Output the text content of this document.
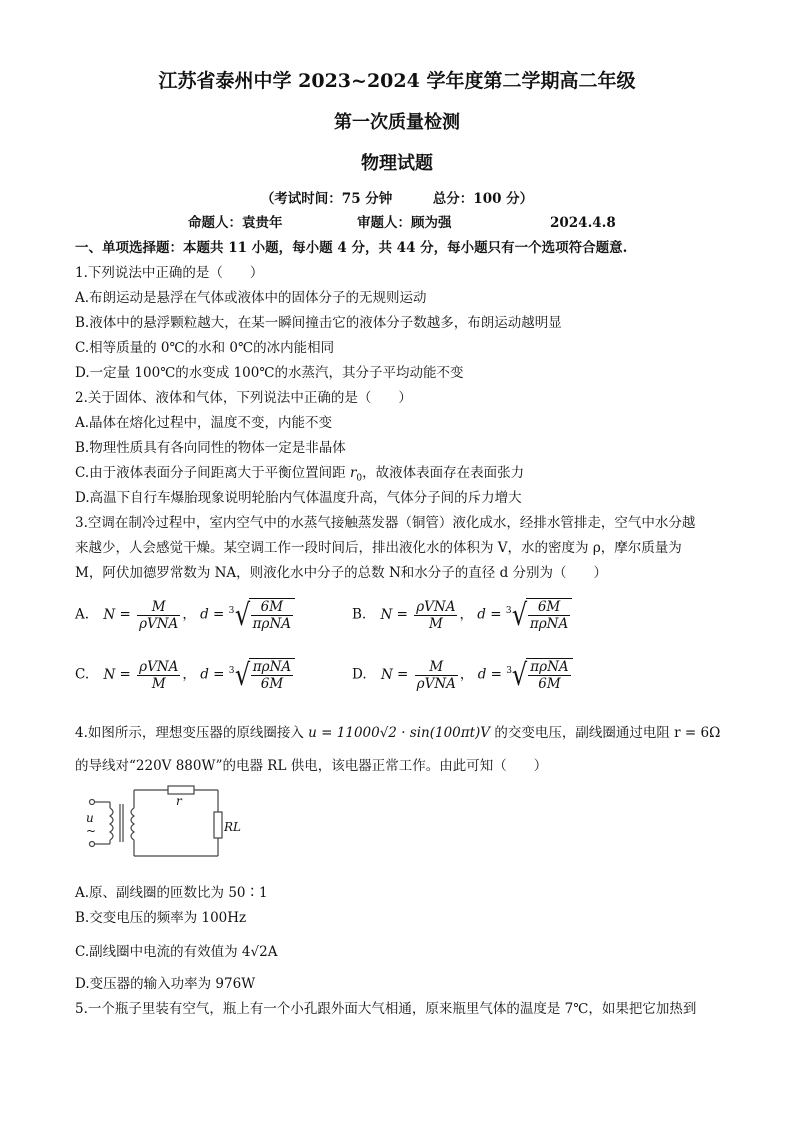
江苏省泰州中学 2023~2024 学年度第二学期高二年级
第一次质量检测
物理试题
（考试时间：75 分钟　　　总分：100 分）
命题人：袁贵年	审题人：顾为强	2024.4.8
一、单项选择题：本题共 11 小题，每小题 4 分，共 44 分，每小题只有一个选项符合题意.
1.下列说法中正确的是（　　）
A.布朗运动是悬浮在气体或液体中的固体分子的无规则运动
B.液体中的悬浮颗粒越大，在某一瞬间撞击它的液体分子数越多，布朗运动越明显
C.相等质量的 0℃的水和 0℃的冰内能相同
D.一定量 100℃的水变成 100℃的水蒸汽，其分子平均动能不变
2.关于固体、液体和气体，下列说法中正确的是（　　）
A.晶体在熔化过程中，温度不变，内能不变
B.物理性质具有各向同性的物体一定是非晶体
C.由于液体表面分子间距离大于平衡位置间距 $r_0$，故液体表面存在表面张力
D.高温下自行车爆胎现象说明轮胎内气体温度升高，气体分子间的斥力增大
3.空调在制冷过程中，室内空气中的水蒸气接触蒸发器（铜管）液化成水，经排水管排走，空气中水分越
来越少，人会感觉干燥。某空调工作一段时间后，排出液化水的体积为 V，水的密度为 ρ，摩尔质量为
M，阿伏加德罗常数为 NA，则液化水中分子的总数 N和水分子的直径 d 分别为（　　）
A. $N = \frac{M}{\text{ρVNA}}$ ， d = 3 √ $\frac{6M}{\text{πρNA}}$	B. $N = \frac{\text{ρVNA}}{M}$ ， d = 3 √ $\frac{6M}{\text{πρNA}}$
C. $N = \frac{\text{ρVNA}}{M}$ ， d = 3 √ $\frac{\text{πρNA}}{6M}$	D. $N = \frac{M}{\text{ρVNA}}$ ， d = 3 √ $\frac{\text{πρNA}}{6M}$
4.如图所示，理想变压器的原线圈接入 u = 11000√2 · sin(100πt)V 的交变电压，副线圈通过电阻 r = 6Ω
的导线对“220V 880W”的电器 RL 供电，该电器正常工作。由此可知（　　）
u
~
r
RL
A.原、副线圈的匝数比为 50∶1
B.交变电压的频率为 100Hz
C.副线圈中电流的有效值为 4√2A
D.变压器的输入功率为 976W
5.一个瓶子里装有空气，瓶上有一个小孔跟外面大气相通，原来瓶里气体的温度是 7℃，如果把它加热到
